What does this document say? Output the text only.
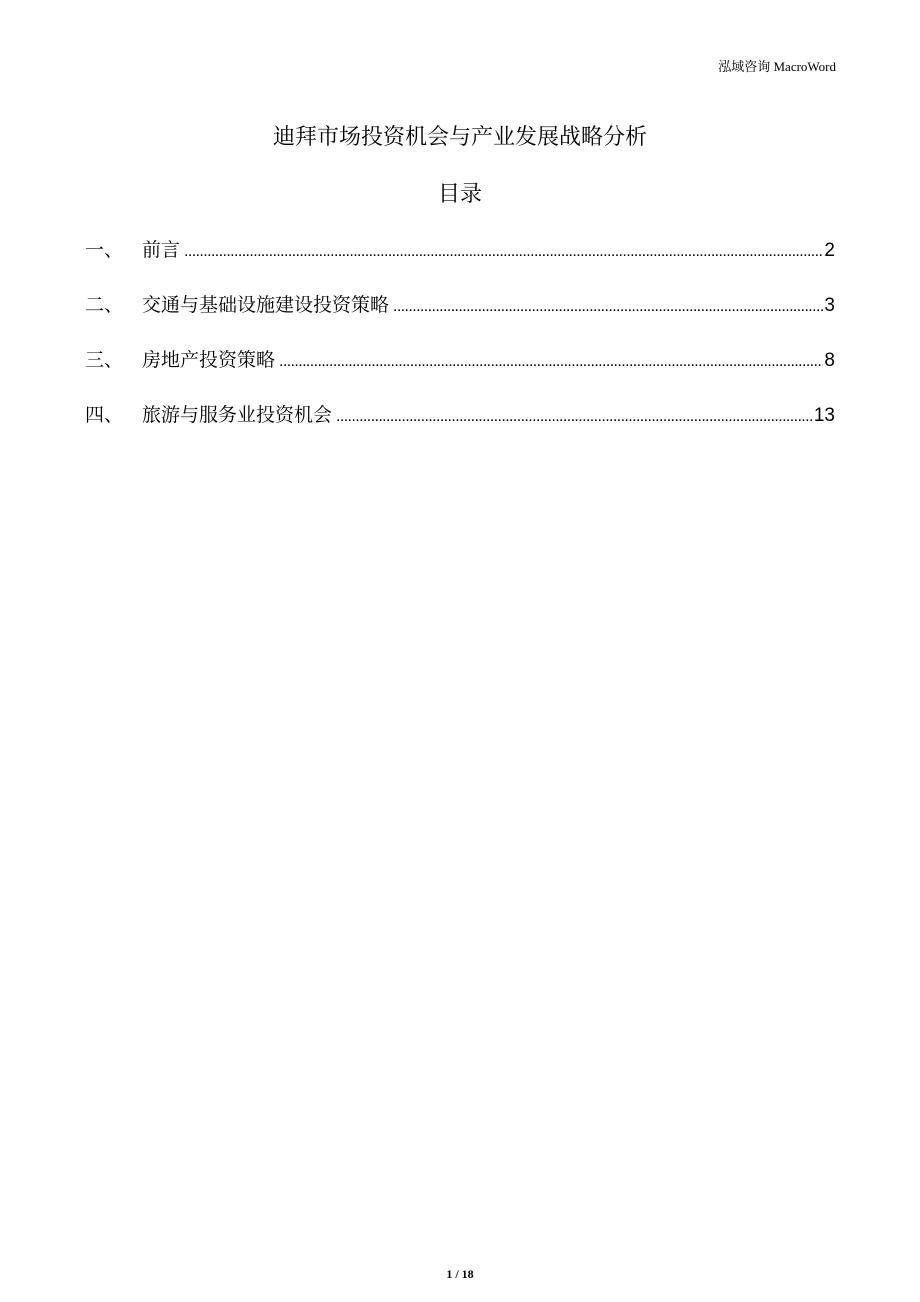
泓域咨询 MacroWord
迪拜市场投资机会与产业发展战略分析
目录
一、 前言 .....	2
二、 交通与基础设施建设投资策略 .....	3
三、 房地产投资策略 .....	8
四、 旅游与服务业投资机会 .....	13
1 / 18
